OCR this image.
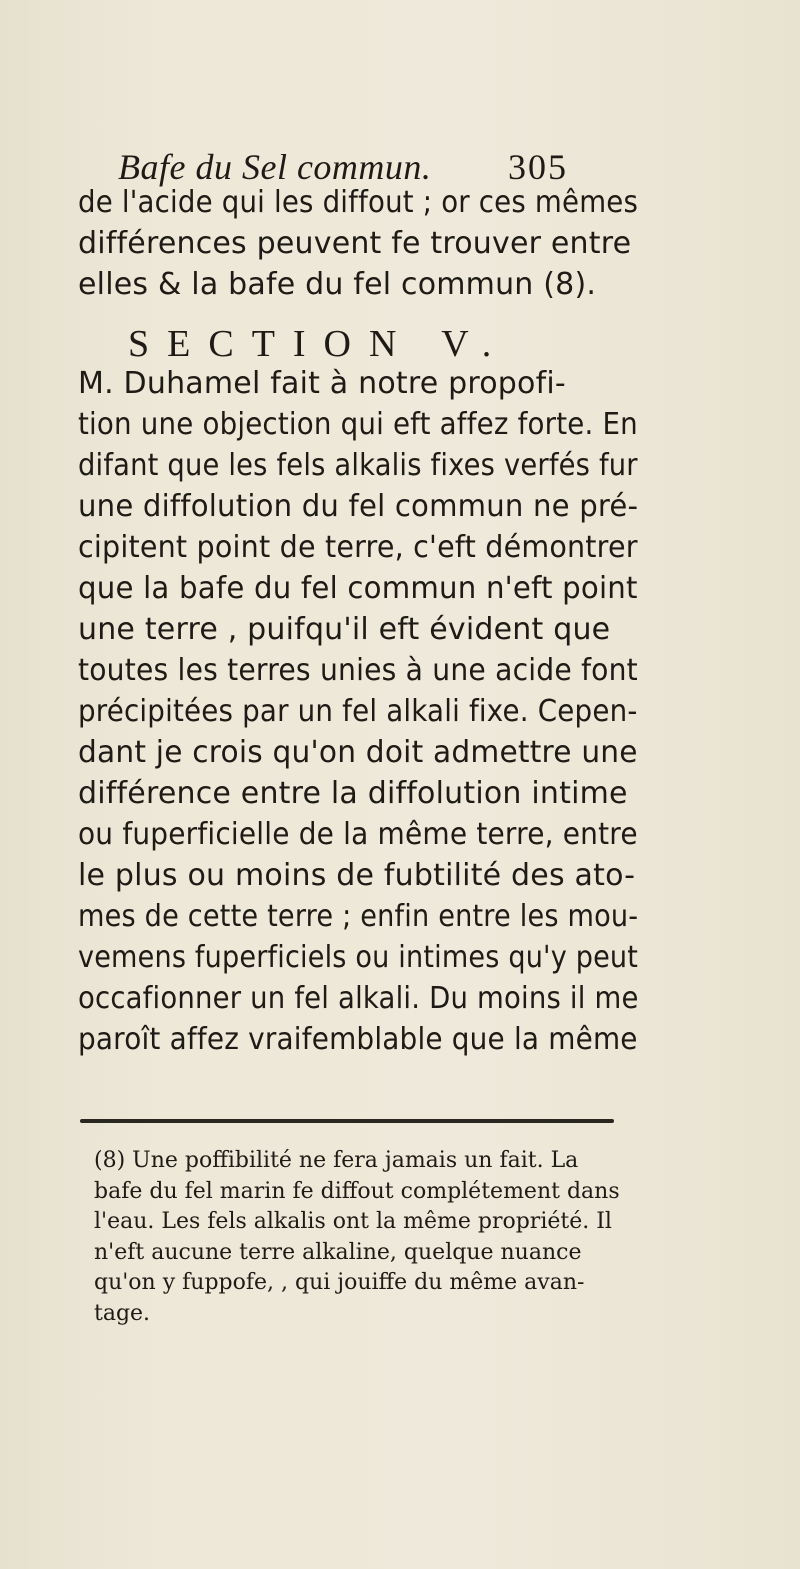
Bafe du Sel commun. 305
de l'acide qui les diffout ; or ces mêmes
différences peuvent fe trouver entre
elles & la bafe du fel commun (8).
SECTION V.
M. Duhamel fait à notre propofi-
tion une objection qui eft affez forte. En
difant que les fels alkalis fixes verfés fur
une diffolution du fel commun ne pré-
cipitent point de terre, c'eft démontrer
que la bafe du fel commun n'eft point
une terre , puifqu'il eft évident que
toutes les terres unies à une acide font
précipitées par un fel alkali fixe. Cepen-
dant je crois qu'on doit admettre une
différence entre la diffolution intime
ou fuperficielle de la même terre, entre
le plus ou moins de fubtilité des ato-
mes de cette terre ; enfin entre les mou-
vemens fuperficiels ou intimes qu'y peut
occafionner un fel alkali. Du moins il me
paroît affez vraifemblable que la même
(8) Une poffibilité ne fera jamais un fait. La
bafe du fel marin fe diffout complétement dans
l'eau. Les fels alkalis ont la même propriété. Il
n'eft aucune terre alkaline, quelque nuance
qu'on y fuppofe, , qui jouiffe du même avan-
tage.
